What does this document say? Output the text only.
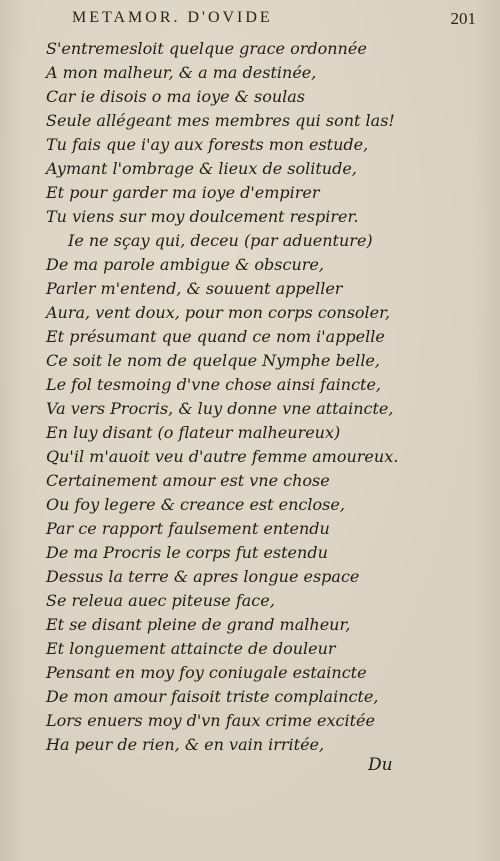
METAMOR. D'OVIDE	201
S'entremesloit quelque grace ordonnée
A mon malheur, & a ma destinée,
Car ie disois o ma ioye & soulas
Seule allégeant mes membres qui sont las!
Tu fais que i'ay aux forests mon estude,
Aymant l'ombrage & lieux de solitude,
Et pour garder ma ioye d'empirer
Tu viens sur moy doulcement respirer.
Ie ne sçay qui, deceu (par aduenture)
De ma parole ambigue & obscure,
Parler m'entend, & souuent appeller
Aura, vent doux, pour mon corps consoler,
Et présumant que quand ce nom i'appelle
Ce soit le nom de quelque Nymphe belle,
Le fol tesmoing d'vne chose ainsi faincte,
Va vers Procris, & luy donne vne attaincte,
En luy disant (o flateur malheureux)
Qu'il m'auoit veu d'autre femme amoureux.
Certainement amour est vne chose
Ou foy legere & creance est enclose,
Par ce rapport faulsement entendu
De ma Procris le corps fut estendu
Dessus la terre & apres longue espace
Se releua auec piteuse face,
Et se disant pleine de grand malheur,
Et longuement attaincte de douleur
Pensant en moy foy coniugale estaincte
De mon amour faisoit triste complaincte,
Lors enuers moy d'vn faux crime excitée
Ha peur de rien, & en vain irritée,
Du
